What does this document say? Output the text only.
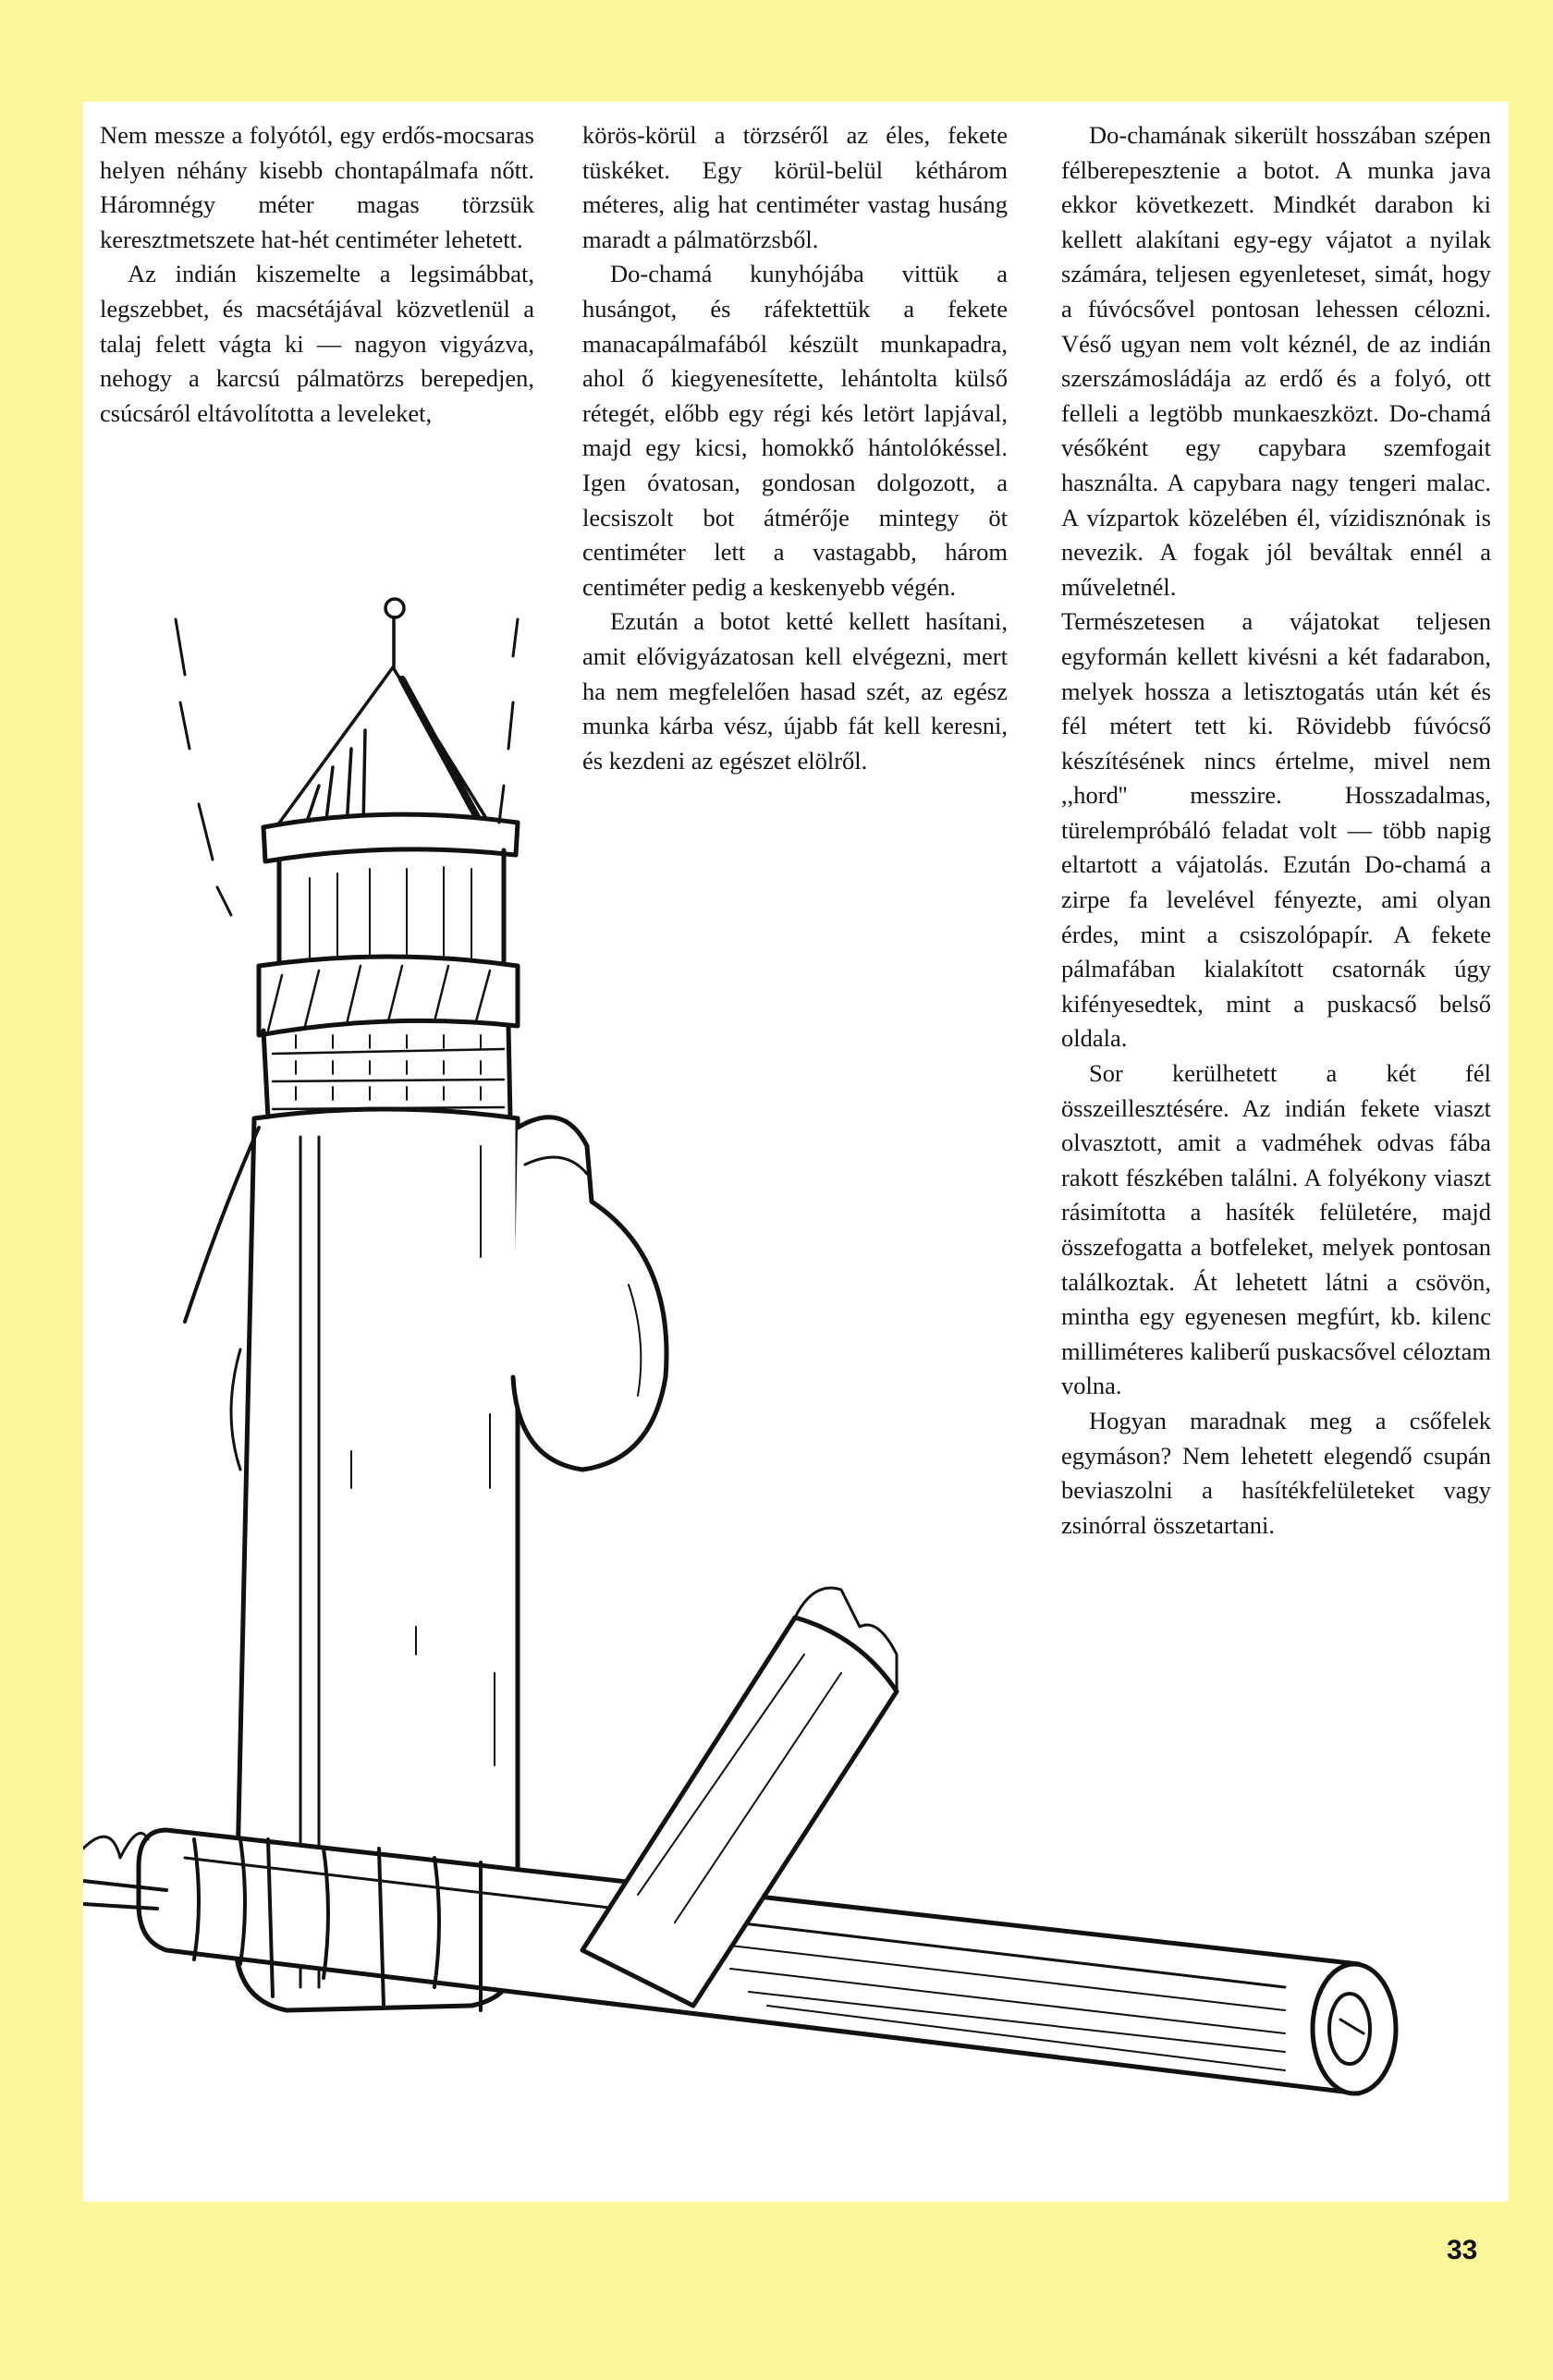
Nem messze a folyótól, egy erdős-mocsaras helyen néhány kisebb chontapálmafa nőtt. Háromnégy méter magas törzsük keresztmetszete hat-hét centiméter lehetett.

Az indián kiszemelte a legsimábbat, legszebbet, és macsétájával közvetlenül a talaj felett vágta ki — nagyon vigyázva, nehogy a karcsú pálmatörzs berepedjen, csúcsáról eltávolította a leveleket,

körös-körül a törzséről az éles, fekete tüskéket. Egy körül-belül kéthárom méteres, alig hat centiméter vastag husáng maradt a pálmatörzsből.

Do-chamá kunyhójába vittük a husángot, és ráfektettük a fekete manacapálmafából készült munkapadra, ahol ő kiegyenesítette, lehántolta külső rétegét, előbb egy régi kés letört lapjával, majd egy kicsi, homokkő hántolókéssel. Igen óvatosan, gondosan dolgozott, a lecsiszolt bot átmérője mintegy öt centiméter lett a vastagabb, három centiméter pedig a keskenyebb végén.

Ezután a botot ketté kellett hasítani, amit elővigyázatosan kell elvégezni, mert ha nem megfelelően hasad szét, az egész munka kárba vész, újabb fát kell keresni, és kezdeni az egészet elölről.

Do-chamának sikerült hosszában szépen félberepesztenie a botot. A munka java ekkor következett. Mindkét darabon ki kellett alakítani egy-egy vájatot a nyilak számára, teljesen egyenleteset, simát, hogy a fúvócsővel pontosan lehessen célozni. Véső ugyan nem volt kéznél, de az indián szerszámosládája az erdő és a folyó, ott felleli a legtöbb munkaeszközt. Do-chamá vésőként egy capybara szemfogait használta. A capybara nagy tengeri malac. A vízpartok közelében él, vízidisznónak is nevezik. A fogak jól beváltak ennél a műveletnél.

Természetesen a vájatokat teljesen egyformán kellett kivésni a két fadarabon, melyek hossza a letisztogatás után két és fél métert tett ki. Rövidebb fúvócső készítésének nincs értelme, mivel nem ,,hord'' messzire. Hosszadalmas, türelempróbáló feladat volt — több napig eltartott a vájatolás. Ezután Do-chamá a zirpe fa levelével fényezte, ami olyan érdes, mint a csiszolópapír. A fekete pálmafában kialakított csatornák úgy kifényesedtek, mint a puskacső belső oldala.

Sor kerülhetett a két fél összeillesztésére. Az indián fekete viaszt olvasztott, amit a vadméhek odvas fába rakott fészkében találni. A folyékony viaszt rásimította a hasíték felületére, majd összefogatta a botfeleket, melyek pontosan találkoztak. Át lehetett látni a csövön, mintha egy egyenesen megfúrt, kb. kilenc milliméteres kaliberű puskacsővel céloztam volna.

Hogyan maradnak meg a csőfelek egymáson? Nem lehetett elegendő csupán beviaszolni a hasítékfelületeket vagy zsinórral összetartani.

33
